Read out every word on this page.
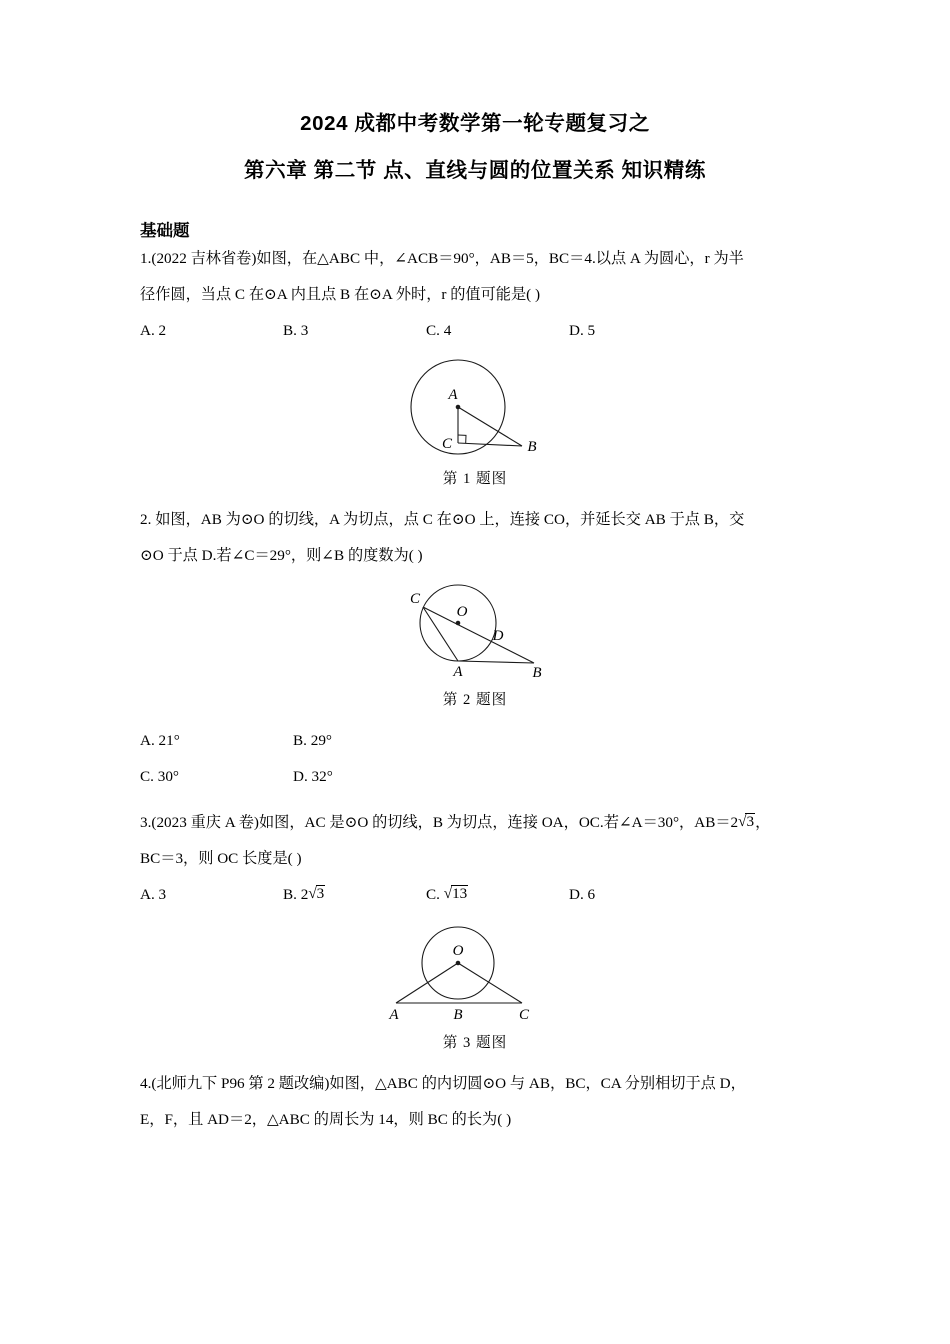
2024 成都中考数学第一轮专题复习之
第六章 第二节 点、直线与圆的位置关系 知识精练
基础题
1.(2022 吉林省卷)如图，在△ABC 中，∠ACB＝90°，AB＝5，BC＝4.以点 A 为圆心，r 为半
径作圆，当点 C 在⊙A 内且点 B 在⊙A 外时，r 的值可能是( )
A. 2	B. 3	C. 4	D. 5
A
C	B
第 1 题图
2. 如图，AB 为⊙O 的切线，A 为切点，点 C 在⊙O 上，连接 CO，并延长交 AB 于点 B，交
⊙O 于点 D.若∠C＝29°，则∠B 的度数为( )
C
O
D
A	B
第 2 题图
A. 21°	B. 29°
C. 30°	D. 32°
3.(2023 重庆 A 卷)如图，AC 是⊙O 的切线，B 为切点，连接 OA，OC.若∠A＝30°，AB＝2√3，
BC＝3，则 OC 长度是( )
A. 3	B. 2√3	C. √13	D. 6
O
A	B	C
第 3 题图
4.(北师九下 P96 第 2 题改编)如图，△ABC 的内切圆⊙O 与 AB，BC，CA 分别相切于点 D，
E，F，且 AD＝2，△ABC 的周长为 14，则 BC 的长为( )
